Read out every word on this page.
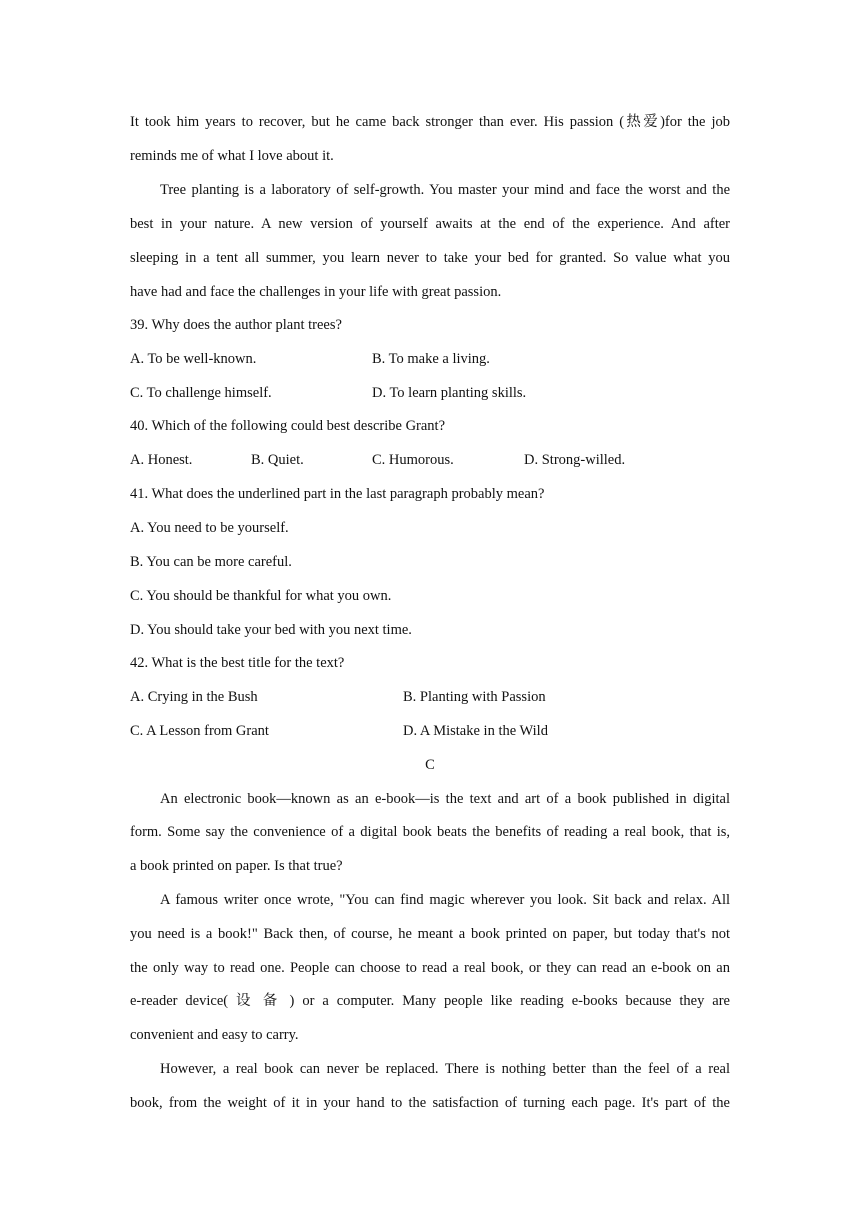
It took him years to recover, but he came back stronger than ever. His passion (热爱)for the job
reminds me of what I love about it.
Tree planting is a laboratory of self-growth. You master your mind and face the worst and the
best in your nature. A new version of yourself awaits at the end of the experience. And after
sleeping in a tent all summer, you learn never to take your bed for granted. So value what you
have had and face the challenges in your life with great passion.
39. Why does the author plant trees?
A. To be well-known.	B. To make a living.
C. To challenge himself.	D. To learn planting skills.
40. Which of the following could best describe Grant?
A. Honest.	B. Quiet.	C. Humorous.	D. Strong-willed.
41. What does the underlined part in the last paragraph probably mean?
A. You need to be yourself.
B. You can be more careful.
C. You should be thankful for what you own.
D. You should take your bed with you next time.
42. What is the best title for the text?
A. Crying in the Bush	B. Planting with Passion
C. A Lesson from Grant	D. A Mistake in the Wild
C
An electronic book—known as an e-book—is the text and art of a book published in digital
form. Some say the convenience of a digital book beats the benefits of reading a real book, that is,
a book printed on paper. Is that true?
A famous writer once wrote, "You can find magic wherever you look. Sit back and relax. All
you need is a book!" Back then, of course, he meant a book printed on paper, but today that's not
the only way to read one. People can choose to read a real book, or they can read an e-book on an
e-reader device( 设 备 ) or a computer. Many people like reading e-books because they are
convenient and easy to carry.
However, a real book can never be replaced. There is nothing better than the feel of a real
book, from the weight of it in your hand to the satisfaction of turning each page. It's part of the
